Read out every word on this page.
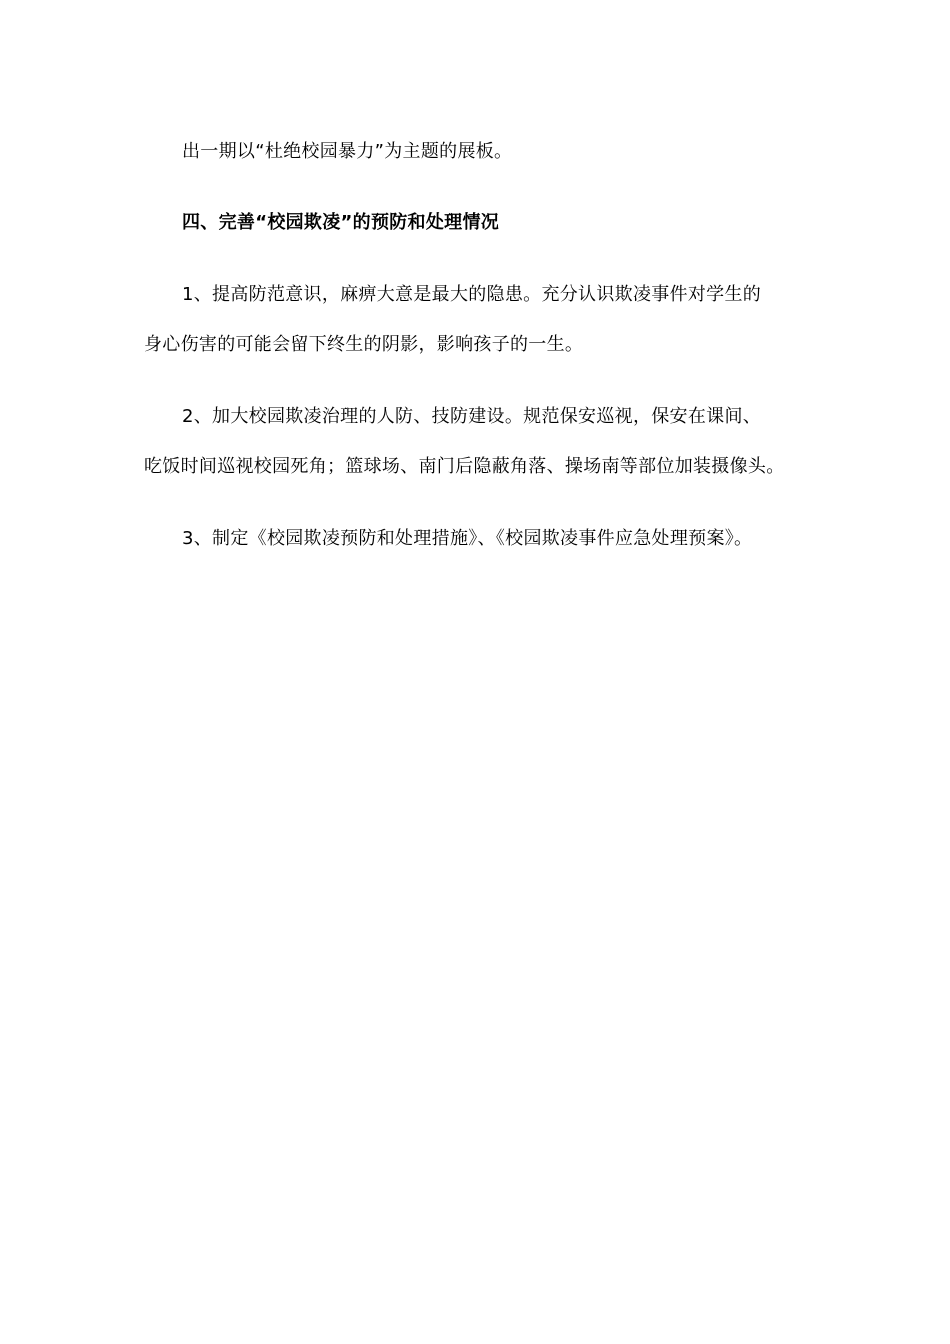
出一期以“杜绝校园暴力”为主题的展板。
四、完善“校园欺凌”的预防和处理情况
1、提高防范意识，麻痹大意是最大的隐患。充分认识欺凌事件对学生的
身心伤害的可能会留下终生的阴影，影响孩子的一生。
2、加大校园欺凌治理的人防、技防建设。规范保安巡视，保安在课间、
吃饭时间巡视校园死角；篮球场、南门后隐蔽角落、操场南等部位加装摄像头。
3、制定《校园欺凌预防和处理措施》、《校园欺凌事件应急处理预案》。
